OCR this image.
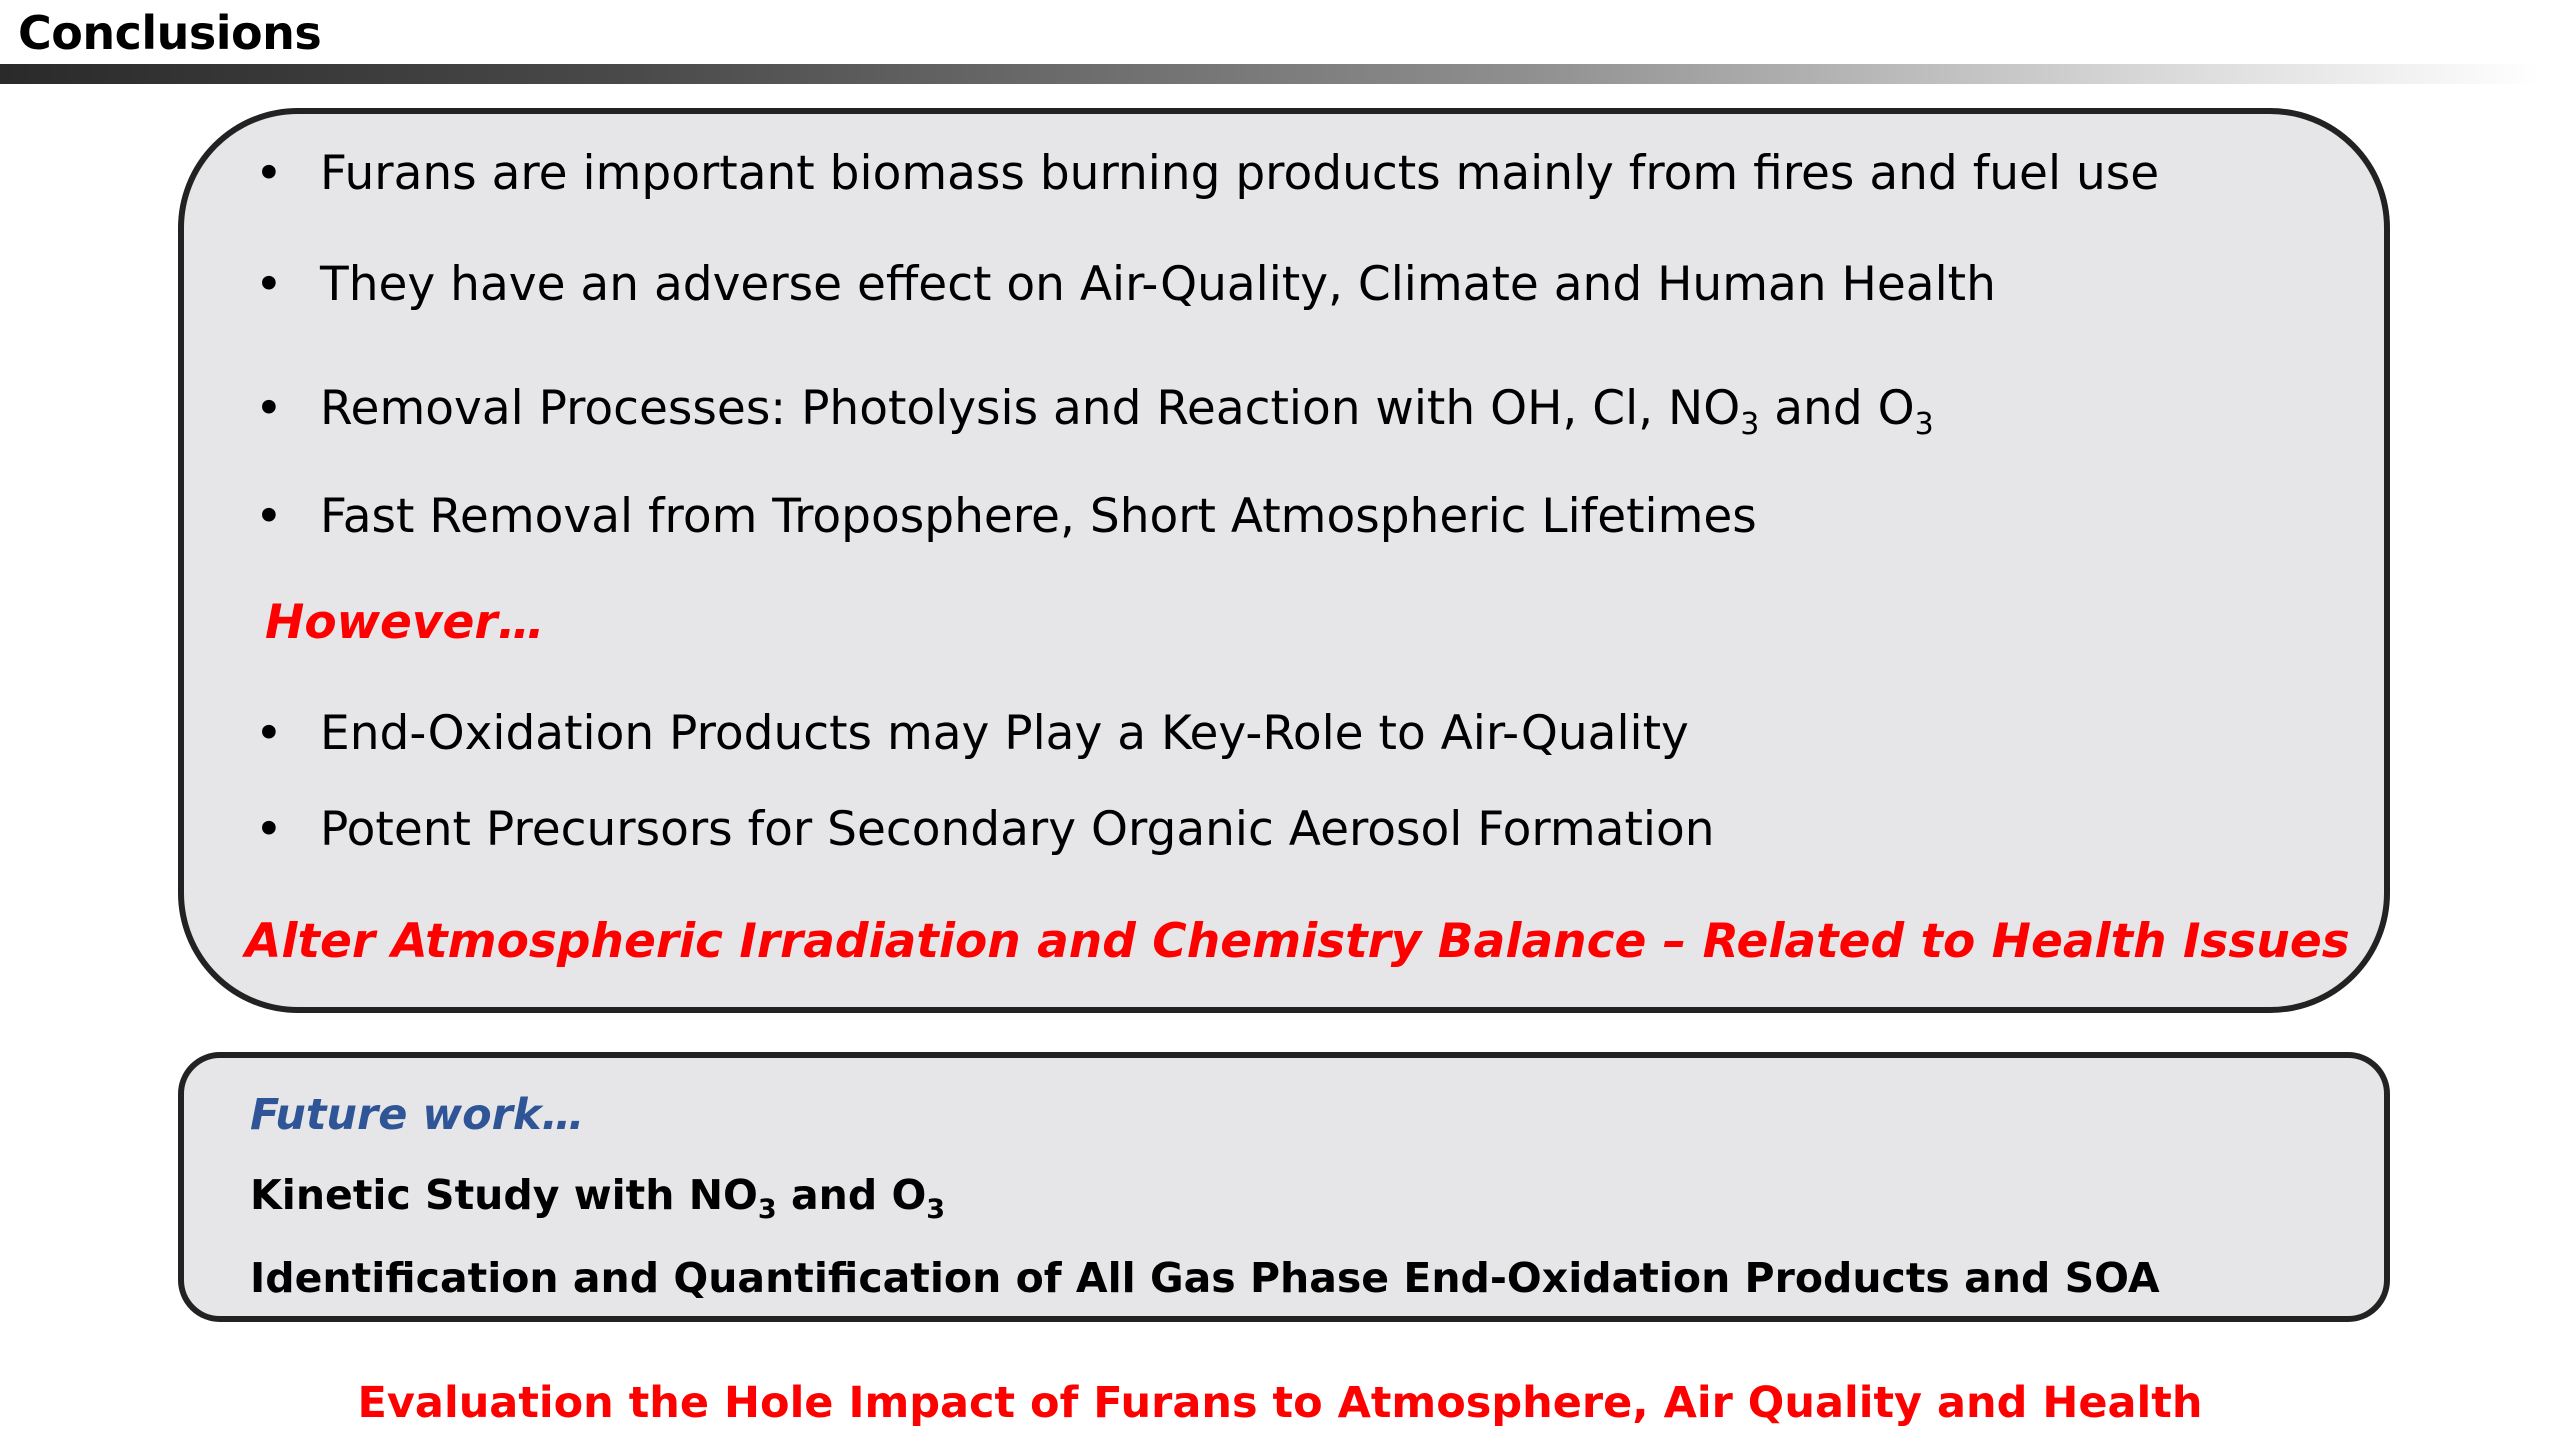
Conclusions
• Furans are important biomass burning products mainly from fires and fuel use
• They have an adverse effect on Air-Quality, Climate and Human Health
• Removal Processes: Photolysis and Reaction with OH, Cl, $NO_3$ and $O_3$
• Fast Removal from Troposphere, Short Atmospheric Lifetimes
However…
• End-Oxidation Products may Play a Key-Role to Air-Quality
• Potent Precursors for Secondary Organic Aerosol Formation
Alter Atmospheric Irradiation and Chemistry Balance – Related to Health Issues
Future work…
Kinetic Study with $NO_3$ and $O_3$
Identification and Quantification of All Gas Phase End-Oxidation Products and SOA
Evaluation the Hole Impact of Furans to Atmosphere, Air Quality and Health
